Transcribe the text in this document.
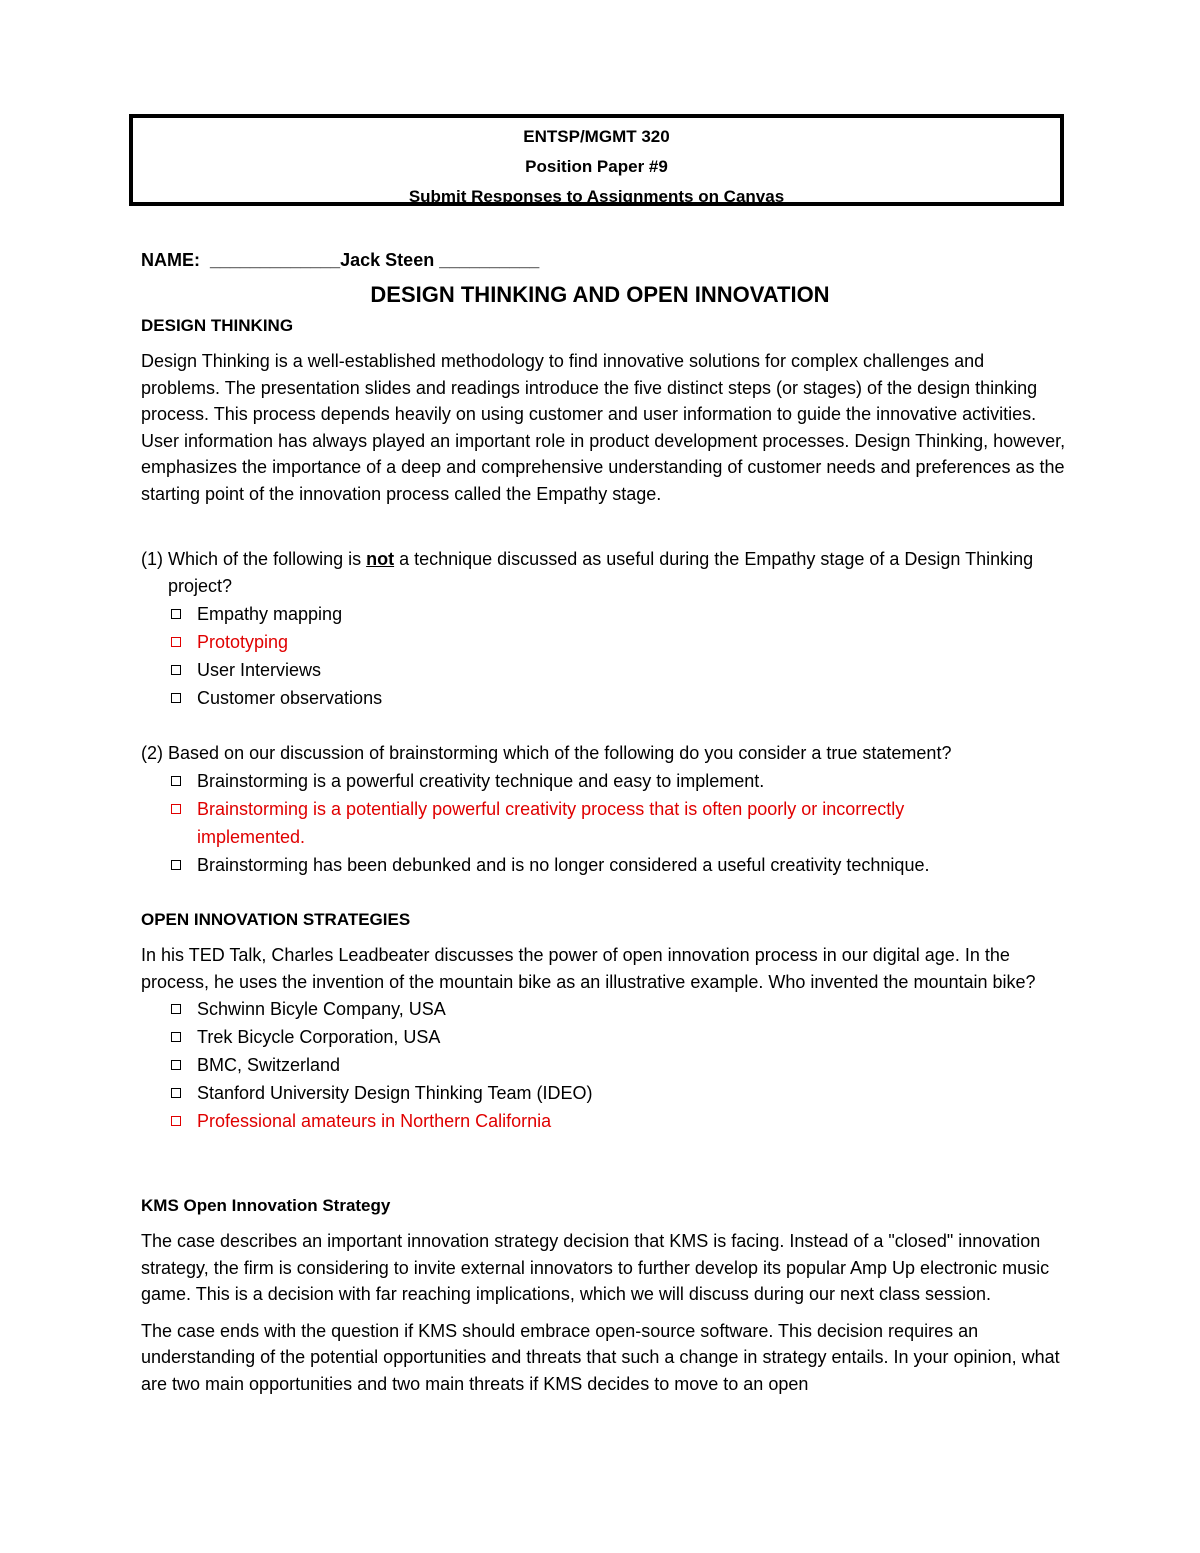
ENTSP/MGMT 320
Position Paper #9
Submit Responses to Assignments on Canvas
NAME:  _____________Jack Steen __________
DESIGN THINKING AND OPEN INNOVATION
DESIGN THINKING
Design Thinking is a well-established methodology to find innovative solutions for complex challenges and problems. The presentation slides and readings introduce the five distinct steps (or stages) of the design thinking process. This process depends heavily on using customer and user information to guide the innovative activities. User information has always played an important role in product development processes. Design Thinking, however, emphasizes the importance of a deep and comprehensive understanding of customer needs and preferences as the starting point of the innovation process called the Empathy stage.
(1) Which of the following is not a technique discussed as useful during the Empathy stage of a Design Thinking project?
Empathy mapping
Prototyping
User Interviews
Customer observations
(2) Based on our discussion of brainstorming which of the following do you consider a true statement?
Brainstorming is a powerful creativity technique and easy to implement.
Brainstorming is a potentially powerful creativity process that is often poorly or incorrectly implemented.
Brainstorming has been debunked and is no longer considered a useful creativity technique.
OPEN INNOVATION STRATEGIES
In his TED Talk, Charles Leadbeater discusses the power of open innovation process in our digital age. In the process, he uses the invention of the mountain bike as an illustrative example. Who invented the mountain bike?
Schwinn Bicyle Company, USA
Trek Bicycle Corporation, USA
BMC, Switzerland
Stanford University Design Thinking Team (IDEO)
Professional amateurs in Northern California
KMS Open Innovation Strategy
The case describes an important innovation strategy decision that KMS is facing. Instead of a "closed" innovation strategy, the firm is considering to invite external innovators to further develop its popular Amp Up electronic music game. This is a decision with far reaching implications, which we will discuss during our next class session.
The case ends with the question if KMS should embrace open-source software. This decision requires an understanding of the potential opportunities and threats that such a change in strategy entails. In your opinion, what are two main opportunities and two main threats if KMS decides to move to an open
